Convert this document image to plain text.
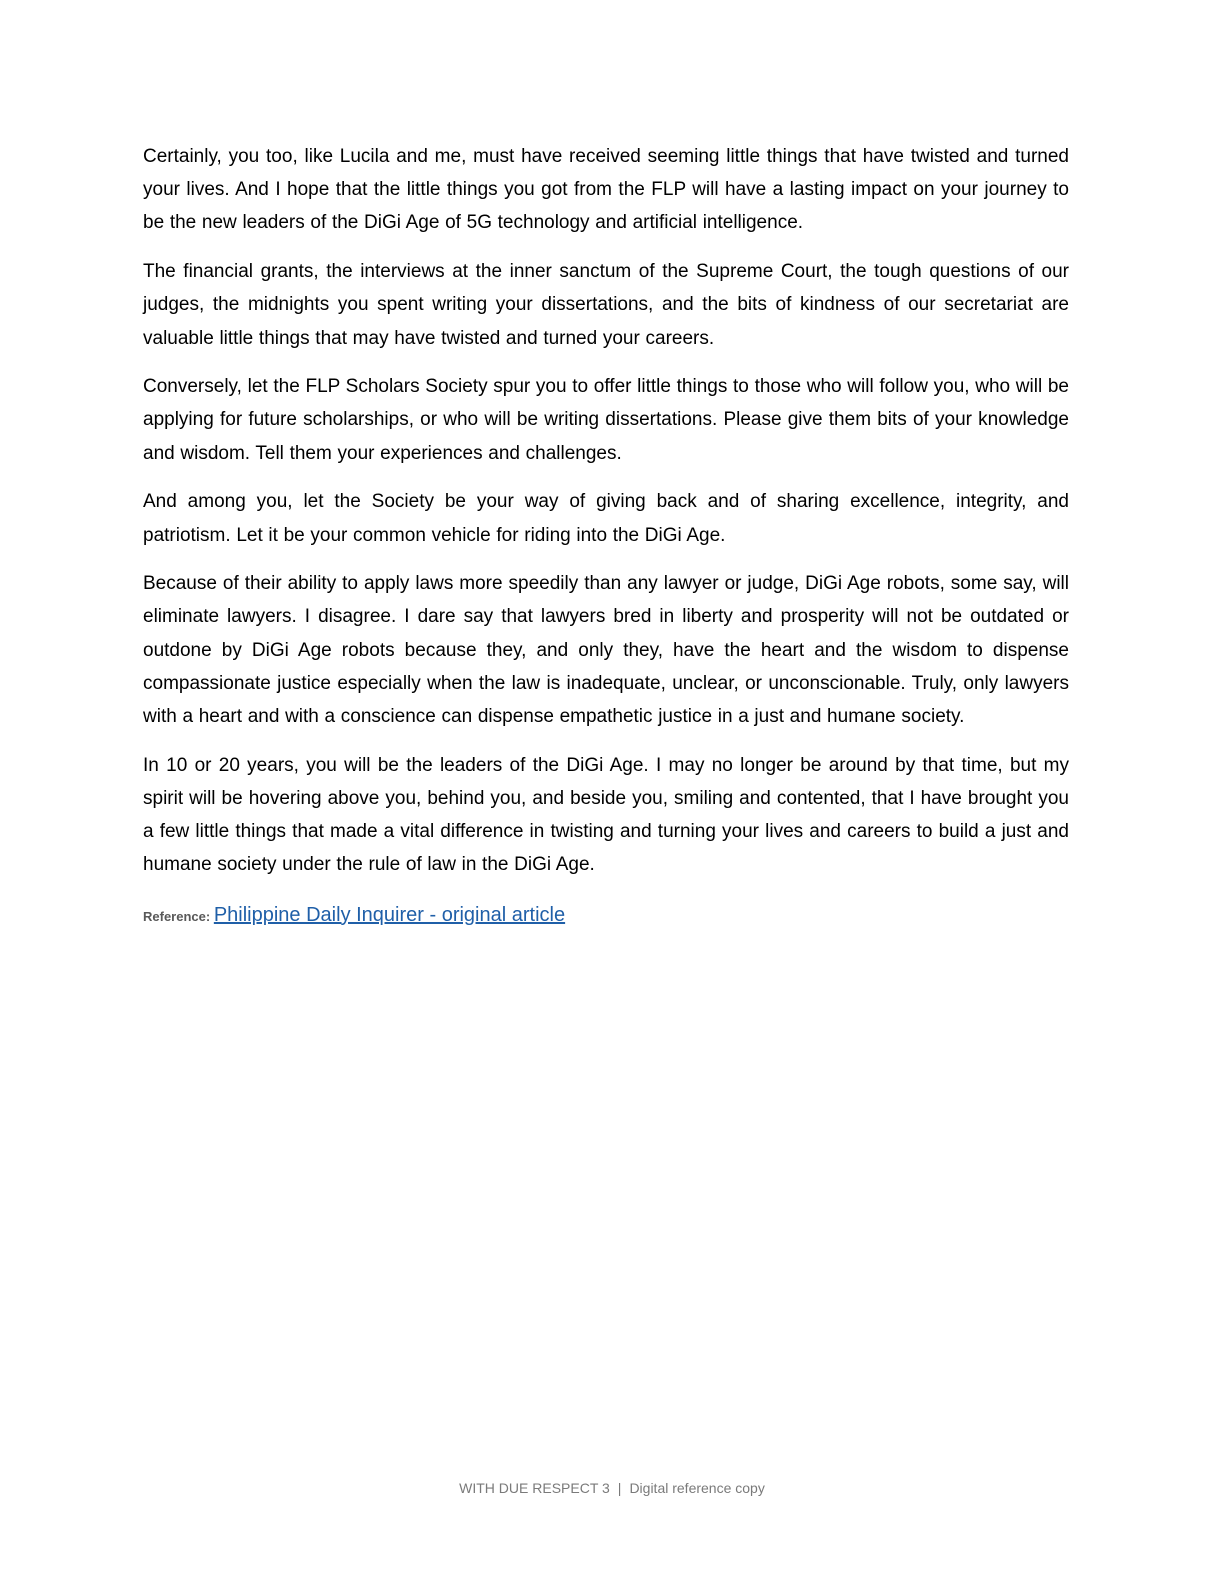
Certainly, you too, like Lucila and me, must have received seeming little things that have twisted and turned your lives. And I hope that the little things you got from the FLP will have a lasting impact on your journey to be the new leaders of the DiGi Age of 5G technology and artificial intelligence.

The financial grants, the interviews at the inner sanctum of the Supreme Court, the tough questions of our judges, the midnights you spent writing your dissertations, and the bits of kindness of our secretariat are valuable little things that may have twisted and turned your careers.

Conversely, let the FLP Scholars Society spur you to offer little things to those who will follow you, who will be applying for future scholarships, or who will be writing dissertations. Please give them bits of your knowledge and wisdom. Tell them your experiences and challenges.

And among you, let the Society be your way of giving back and of sharing excellence, integrity, and patriotism. Let it be your common vehicle for riding into the DiGi Age.

Because of their ability to apply laws more speedily than any lawyer or judge, DiGi Age robots, some say, will eliminate lawyers. I disagree. I dare say that lawyers bred in liberty and prosperity will not be outdated or outdone by DiGi Age robots because they, and only they, have the heart and the wisdom to dispense compassionate justice especially when the law is inadequate, unclear, or unconscionable. Truly, only lawyers with a heart and with a conscience can dispense empathetic justice in a just and humane society.

In 10 or 20 years, you will be the leaders of the DiGi Age. I may no longer be around by that time, but my spirit will be hovering above you, behind you, and beside you, smiling and contented, that I have brought you a few little things that made a vital difference in twisting and turning your lives and careers to build a just and humane society under the rule of law in the DiGi Age.

Reference: Philippine Daily Inquirer - original article
WITH DUE RESPECT 3 | Digital reference copy
